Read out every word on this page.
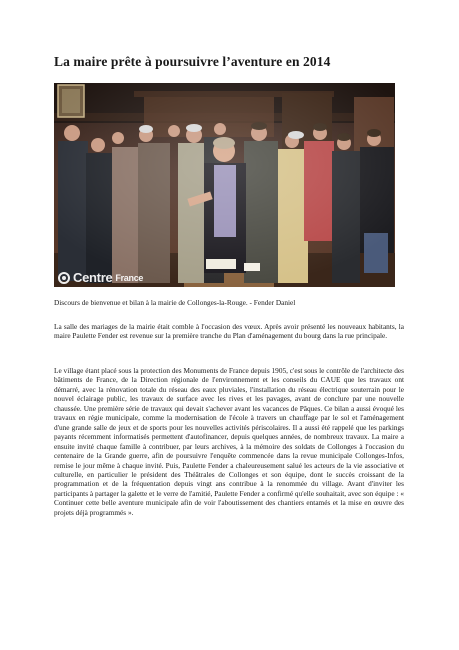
La maire prête à poursuivre l’aventure en 2014
Centre France

Discours de bienvenue et bilan à la mairie de Collonges-la-Rouge. - Fender Daniel

La salle des mariages de la mairie était comble à l'occasion des vœux. Après avoir présenté les nouveaux habitants, la maire Paulette Fender est revenue sur la première tranche du Plan d'aménagement du bourg dans la rue principale.

Le village étant placé sous la protection des Monuments de France depuis 1905, c'est sous le contrôle de l'architecte des bâtiments de France, de la Direction régionale de l'environnement et les conseils du CAUE que les travaux ont démarré, avec la rénovation totale du réseau des eaux pluviales, l'installation du réseau électrique souterrain pour le nouvel éclairage public, les travaux de surface avec les rives et les pavages, avant de conclure par une nouvelle chaussée. Une première série de travaux qui devait s'achever avant les vacances de Pâques. Ce bilan a aussi évoqué les travaux en régie municipale, comme la modernisation de l'école à travers un chauffage par le sol et l'aménagement d'une grande salle de jeux et de sports pour les nouvelles activités périscolaires. Il a aussi été rappelé que les parkings payants récemment informatisés permettent d'autofinancer, depuis quelques années, de nombreux travaux. La maire a ensuite invité chaque famille à contribuer, par leurs archives, à la mémoire des soldats de Collonges à l'occasion du centenaire de la Grande guerre, afin de poursuivre l'enquête commencée dans la revue municipale Collonges-Infos, remise le jour même à chaque invité. Puis, Paulette Fender a chaleureusement salué les acteurs de la vie associative et culturelle, en particulier le président des Théâtrales de Collonges et son équipe, dont le succès croissant de la programmation et de la fréquentation depuis vingt ans contribue à la renommée du village. Avant d'inviter les participants à partager la galette et le verre de l'amitié, Paulette Fender a confirmé qu'elle souhaitait, avec son équipe : « Continuer cette belle aventure municipale afin de voir l'aboutissement des chantiers entamés et la mise en œuvre des projets déjà programmés ».
